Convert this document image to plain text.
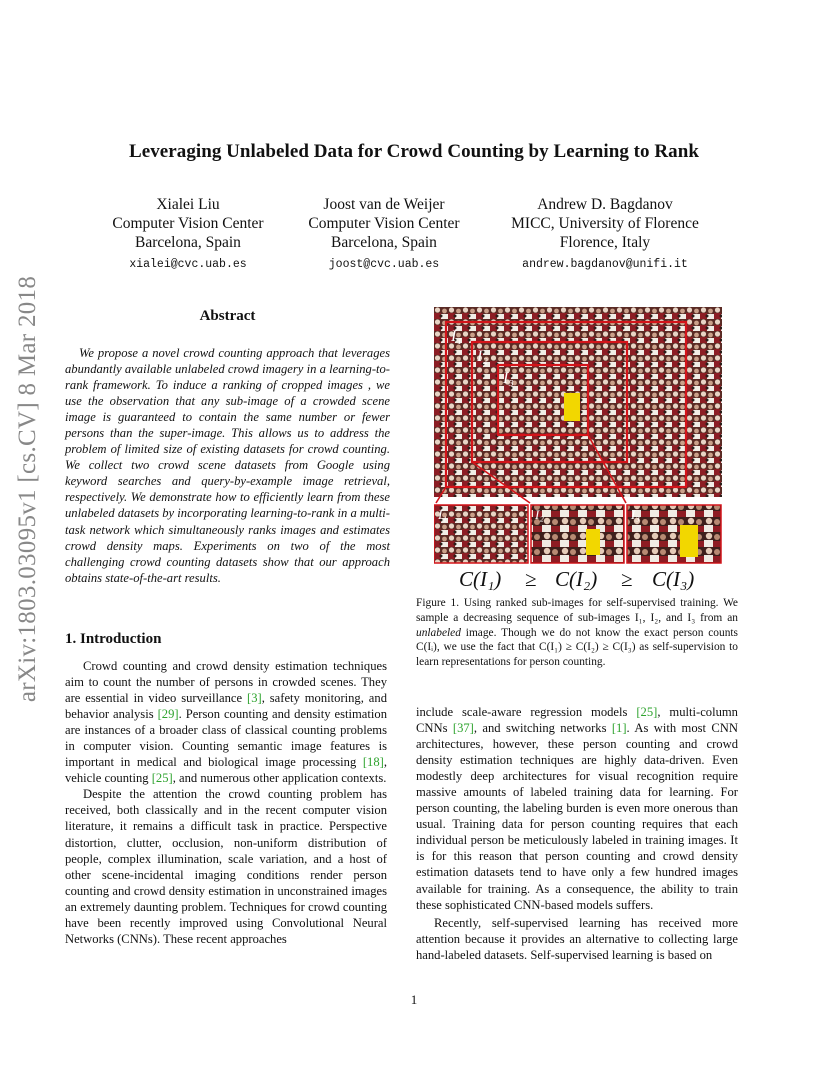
arXiv:1803.03095v1 [cs.CV] 8 Mar 2018
Leveraging Unlabeled Data for Crowd Counting by Learning to Rank
Xialei Liu
Computer Vision Center
Barcelona, Spain
xialei@cvc.uab.es
Joost van de Weijer
Computer Vision Center
Barcelona, Spain
joost@cvc.uab.es
Andrew D. Bagdanov
MICC, University of Florence
Florence, Italy
andrew.bagdanov@unifi.it
Abstract

We propose a novel crowd counting approach that leverages abundantly available unlabeled crowd imagery in a learning-to-rank framework. To induce a ranking of cropped images , we use the observation that any sub-image of a crowded scene image is guaranteed to contain the same number or fewer persons than the super-image. This allows us to address the problem of limited size of existing datasets for crowd counting. We collect two crowd scene datasets from Google using keyword searches and query-by-example image retrieval, respectively. We demonstrate how to efficiently learn from these unlabeled datasets by incorporating learning-to-rank in a multi-task network which simultaneously ranks images and estimates crowd density maps. Experiments on two of the most challenging crowd counting datasets show that our approach obtains state-of-the-art results.

1. Introduction

Crowd counting and crowd density estimation techniques aim to count the number of persons in crowded scenes. They are essential in video surveillance [3], safety monitoring, and behavior analysis [29]. Person counting and density estimation are instances of a broader class of classical counting problems in computer vision. Counting semantic image features is important in medical and biological image processing [18], vehicle counting [25], and numerous other application contexts.

Despite the attention the crowd counting problem has received, both classically and in the recent computer vision literature, it remains a difficult task in practice. Perspective distortion, clutter, occlusion, non-uniform distribution of people, complex illumination, scale variation, and a host of other scene-incidental imaging conditions render person counting and crowd density estimation in unconstrained images an extremely daunting problem. Techniques for crowd counting have been recently improved using Convolutional Neural Networks (CNNs). These recent approaches

I₁
I₂
I₃
I₁	I₂	I₃
C(I₁) ≥ C(I₂) ≥ C(I₃)
Figure 1. Using ranked sub-images for self-supervised training. We sample a decreasing sequence of sub-images I₁, I₂, and I₃ from an unlabeled image. Though we do not know the exact person counts C(Iᵢ), we use the fact that C(I₁) ≥ C(I₂) ≥ C(I₃) as self-supervision to learn representations for person counting.

include scale-aware regression models [25], multi-column CNNs [37], and switching networks [1]. As with most CNN architectures, however, these person counting and crowd density estimation techniques are highly data-driven. Even modestly deep architectures for visual recognition require massive amounts of labeled training data for learning. For person counting, the labeling burden is even more onerous than usual. Training data for person counting requires that each individual person be meticulously labeled in training images. It is for this reason that person counting and crowd density estimation datasets tend to have only a few hundred images available for training. As a consequence, the ability to train these sophisticated CNN-based models suffers.

Recently, self-supervised learning has received more attention because it provides an alternative to collecting large hand-labeled datasets. Self-supervised learning is based on

1
